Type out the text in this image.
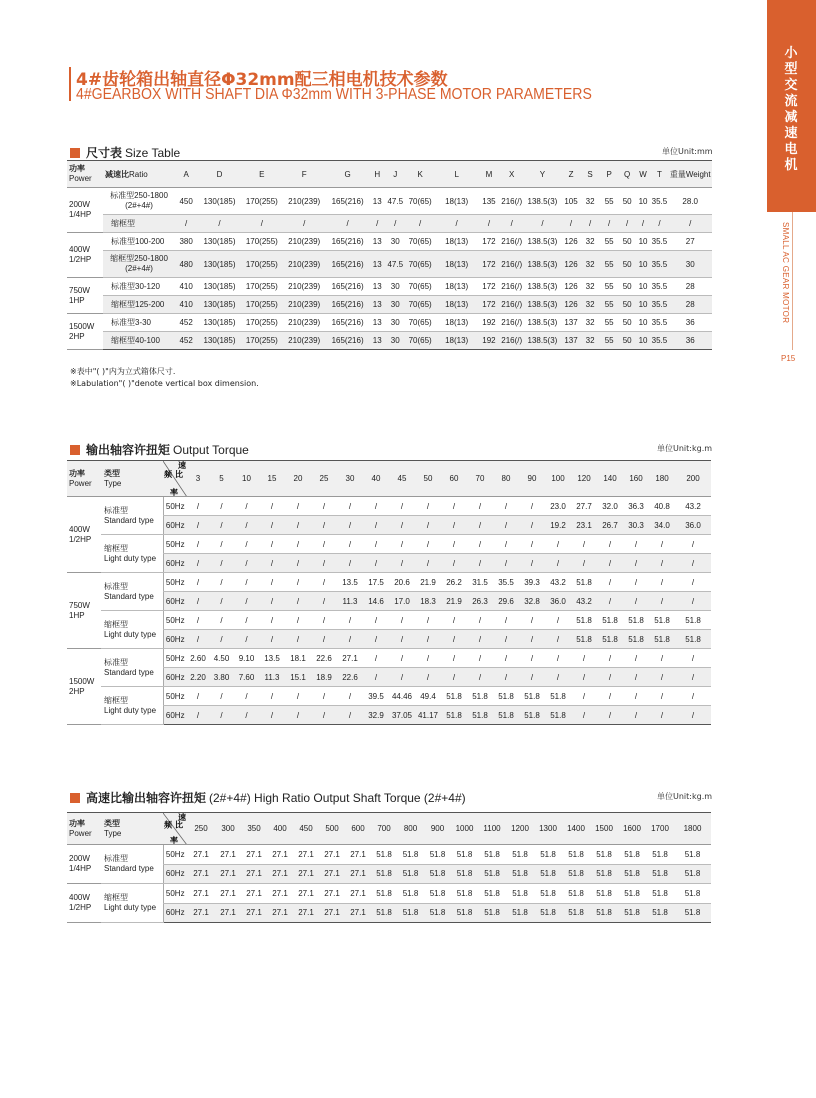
小
型
交
流
减
速
电
机
SMALL AC GEAR MOTOR
P15
4#齿轮箱出轴直径Φ32mm配三相电机技术参数
4#GEARBOX WITH SHAFT DIA Φ32mm WITH 3-PHASE MOTOR PARAMETERS
尺寸表 Size Table	单位Unit:mm
功率
Power	减速比Ratio	A	D	E	F	G	H	J	K	L	M	X	Y	Z	S	P	Q	W	T	重量Weight
200W
1/4HP	标准型250-1800
(2#+4#)	450	130(185)	170(255)	210(239)	165(216)	13	47.5	70(65)	18(13)	135	216(/)	138.5(3)	105	32	55	50	10	35.5	28.0
	缩框型	/	/	/	/	/	/	/	/	/	/	/	/	/	/	/	/	/	/	/
400W
1/2HP	标准型100-200	380	130(185)	170(255)	210(239)	165(216)	13	30	70(65)	18(13)	172	216(/)	138.5(3)	126	32	55	50	10	35.5	27
	缩框型250-1800
(2#+4#)	480	130(185)	170(255)	210(239)	165(216)	13	47.5	70(65)	18(13)	172	216(/)	138.5(3)	126	32	55	50	10	35.5	30
750W
1HP	标准型30-120	410	130(185)	170(255)	210(239)	165(216)	13	30	70(65)	18(13)	172	216(/)	138.5(3)	126	32	55	50	10	35.5	28
	缩框型125-200	410	130(185)	170(255)	210(239)	165(216)	13	30	70(65)	18(13)	172	216(/)	138.5(3)	126	32	55	50	10	35.5	28
1500W
2HP	标准型3-30	452	130(185)	170(255)	210(239)	165(216)	13	30	70(65)	18(13)	192	216(/)	138.5(3)	137	32	55	50	10	35.5	36
	缩框型40-100	452	130(185)	170(255)	210(239)	165(216)	13	30	70(65)	18(13)	192	216(/)	138.5(3)	137	32	55	50	10	35.5	36
※表中"( )"内为立式箱体尺寸.
※Labulation"( )"denote vertical box dimension.
输出轴容许扭矩 Output Torque	单位Unit:kg.m
功率
Power	类型
Type	速
比
频
率	3	5	10	15	20	25	30	40	45	50	60	70	80	90	100	120	140	160	180	200
400W
1/2HP	标准型
Standard type	50Hz	/	/	/	/	/	/	/	/	/	/	/	/	/	/	23.0	27.7	32.0	36.3	40.8	43.2
		60Hz	/	/	/	/	/	/	/	/	/	/	/	/	/	/	19.2	23.1	26.7	30.3	34.0	36.0
	缩框型
Light duty type	50Hz	/	/	/	/	/	/	/	/	/	/	/	/	/	/	/	/	/	/	/	/
		60Hz	/	/	/	/	/	/	/	/	/	/	/	/	/	/	/	/	/	/	/	/
750W
1HP	标准型
Standard type	50Hz	/	/	/	/	/	/	13.5	17.5	20.6	21.9	26.2	31.5	35.5	39.3	43.2	51.8	/	/	/	/
		60Hz	/	/	/	/	/	/	11.3	14.6	17.0	18.3	21.9	26.3	29.6	32.8	36.0	43.2	/	/	/	/
	缩框型
Light duty type	50Hz	/	/	/	/	/	/	/	/	/	/	/	/	/	/	/	51.8	51.8	51.8	51.8	51.8
		60Hz	/	/	/	/	/	/	/	/	/	/	/	/	/	/	/	51.8	51.8	51.8	51.8	51.8
1500W
2HP	标准型
Standard type	50Hz	2.60	4.50	9.10	13.5	18.1	22.6	27.1	/	/	/	/	/	/	/	/	/	/	/	/	/
		60Hz	2.20	3.80	7.60	11.3	15.1	18.9	22.6	/	/	/	/	/	/	/	/	/	/	/	/	/
	缩框型
Light duty type	50Hz	/	/	/	/	/	/	/	39.5	44.46	49.4	51.8	51.8	51.8	51.8	51.8	/	/	/	/	/
		60Hz	/	/	/	/	/	/	/	32.9	37.05	41.17	51.8	51.8	51.8	51.8	51.8	/	/	/	/	/
高速比输出轴容许扭矩 (2#+4#) High Ratio Output Shaft Torque (2#+4#)	单位Unit:kg.m
功率
Power	类型
Type	速
比
频
率	250	300	350	400	450	500	600	700	800	900	1000	1100	1200	1300	1400	1500	1600	1700	1800
200W
1/4HP	标准型
Standard type	50Hz	27.1	27.1	27.1	27.1	27.1	27.1	27.1	51.8	51.8	51.8	51.8	51.8	51.8	51.8	51.8	51.8	51.8	51.8	51.8
		60Hz	27.1	27.1	27.1	27.1	27.1	27.1	27.1	51.8	51.8	51.8	51.8	51.8	51.8	51.8	51.8	51.8	51.8	51.8	51.8
400W
1/2HP	缩框型
Light duty type	50Hz	27.1	27.1	27.1	27.1	27.1	27.1	27.1	51.8	51.8	51.8	51.8	51.8	51.8	51.8	51.8	51.8	51.8	51.8	51.8
		60Hz	27.1	27.1	27.1	27.1	27.1	27.1	27.1	51.8	51.8	51.8	51.8	51.8	51.8	51.8	51.8	51.8	51.8	51.8	51.8
